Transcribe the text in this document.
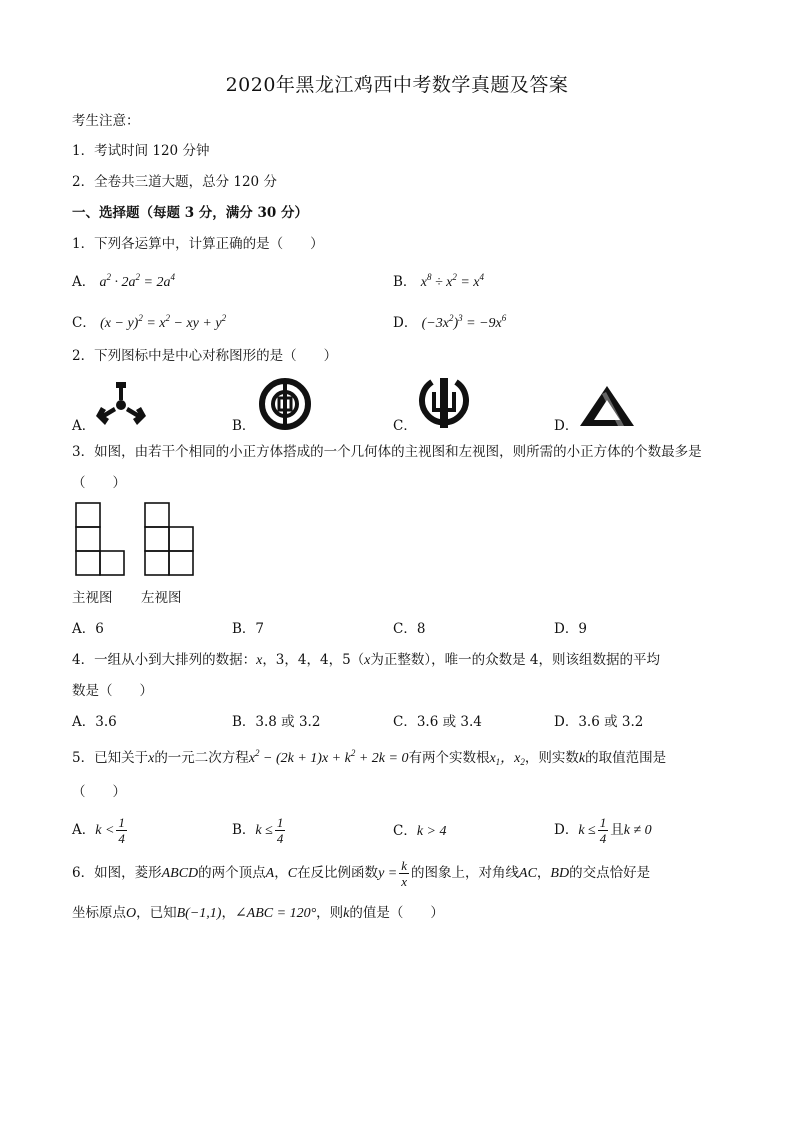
2020年黑龙江鸡西中考数学真题及答案
考生注意：
1．考试时间 120 分钟
2．全卷共三道大题，总分 120 分
一、选择题（每题 3 分，满分 30 分）
1．下列各运算中，计算正确的是（　　）
A． $a^2 \cdot 2a^2 = 2a^4$	B． $x^8 \div x^2 = x^4$
C． $(x - y)^2 = x^2$ − xy + $y^2$	D． $(-3x^2)^3 = -9x^6$
2．下列图标中是中心对称图形的是（　　）
A．	B．	C．	D．
3．如图，由若干个相同的小正方体搭成的一个几何体的主视图和左视图，则所需的小正方体的个数最多是
（　　）
主视图 左视图
A．6	B．7	C．8	D．9
4．一组从小到大排列的数据：x，3，4，4，5（x为正整数），唯一的众数是 4，则该组数据的平均
数是（　　）
A．3.6	B．3.8 或 3.2	C．3.6 或 3.4	D．3.6 或 3.2
5．已知关于x的一元二次方程$x^2 - (2k + 1)x + k^2 + 2k = 0$有两个实数根$x_1$，$x_2$，则实数k的取值范围是
（　　）
A．$k < \frac{1}{4}$	B．$k \le \frac{1}{4}$	C．k > 4	D．$k \le \frac{1}{4}$ 且k ≠ 0
6．如图，菱形ABCD的两个顶点A，C在反比例函数$y = \frac{k}{x}$ 的图象上，对角线AC，BD的交点恰好是
坐标原点O，已知B(−1,1)，∠ABC = 120°，则k的值是（　　）
